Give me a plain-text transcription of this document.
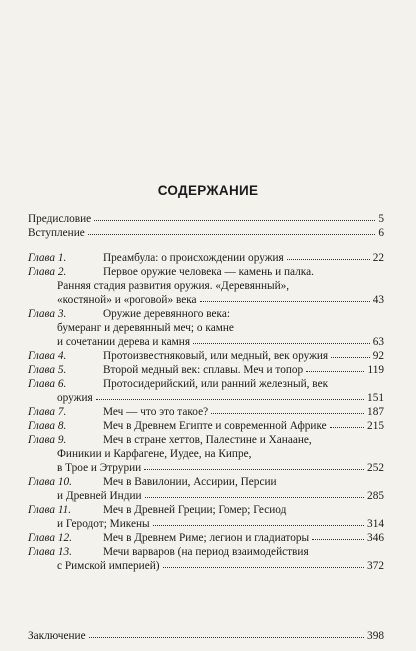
СОДЕРЖАНИЕ
Предисловие	5
Вступление	6
Глава 1.	Преамбула: о происхождении оружия	22
Глава 2.	Первое оружие человека — камень и палка.
Ранняя стадия развития оружия. «Деревянный»,
«костяной» и «роговой» века	43
Глава 3.	Оружие деревянного века:
бумеранг и деревянный меч; о камне
и сочетании дерева и камня	63
Глава 4.	Протоизвестняковый, или медный, век оружия	92
Глава 5.	Второй медный век: сплавы. Меч и топор	119
Глава 6.	Протосидерийский, или ранний железный, век
оружия	151
Глава 7.	Меч — что это такое?	187
Глава 8.	Меч в Древнем Египте и современной Африке	215
Глава 9.	Меч в стране хеттов, Палестине и Ханаане,
Финикии и Карфагене, Иудее, на Кипре,
в Трое и Этрурии	252
Глава 10.	Меч в Вавилонии, Ассирии, Персии
и Древней Индии	285
Глава 11.	Меч в Древней Греции; Гомер; Гесиод
и Геродот; Микены	314
Глава 12.	Меч в Древнем Риме; легион и гладиаторы	346
Глава 13.	Мечи варваров (на период взаимодействия
с Римской империей)	372
Заключение	398
